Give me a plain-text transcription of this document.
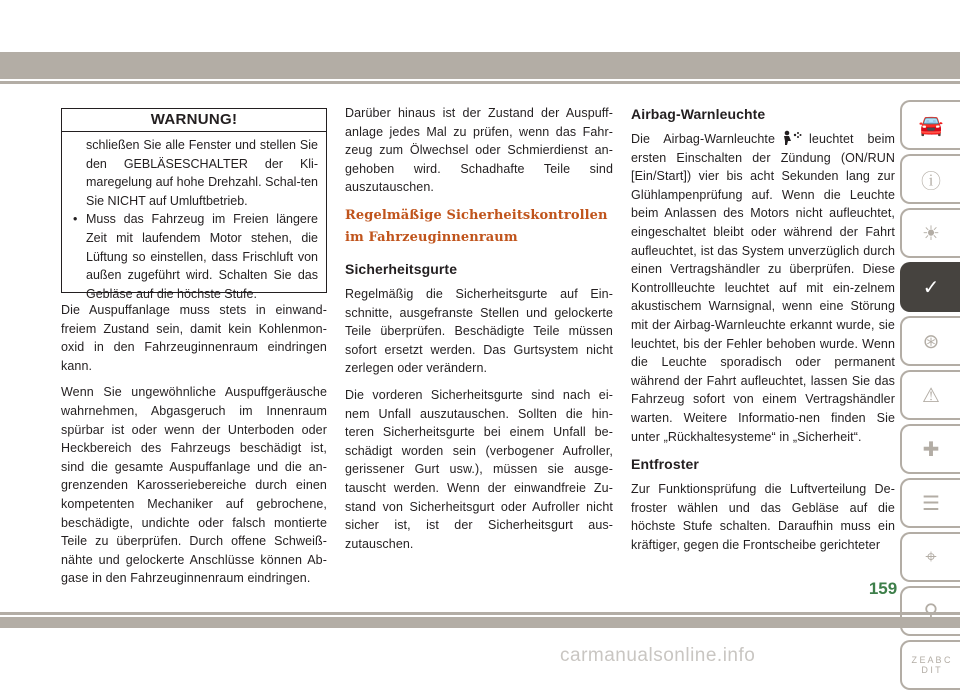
WARNUNG!
schließen Sie alle Fenster und stellen Sie den GEBLÄSESCHALTER der Kli-maregelung auf hohe Drehzahl. Schal-ten Sie NICHT auf Umluftbetrieb.
• Muss das Fahrzeug im Freien längere Zeit mit laufendem Motor stehen, die Lüftung so einstellen, dass Frischluft von außen zugeführt wird. Schalten Sie das Gebläse auf die höchste Stufe.

Die Auspuffanlage muss stets in einwand-freiem Zustand sein, damit kein Kohlenmon-oxid in den Fahrzeuginnenraum eindringen kann.

Wenn Sie ungewöhnliche Auspuffgeräusche wahrnehmen, Abgasgeruch im Innenraum spürbar ist oder wenn der Unterboden oder Heckbereich des Fahrzeugs beschädigt ist, sind die gesamte Auspuffanlage und die an-grenzenden Karosseriebereiche durch einen kompetenten Mechaniker auf gebrochene, beschädigte, undichte oder falsch montierte Teile zu überprüfen. Durch offene Schweiß-nähte und gelockerte Anschlüsse können Ab-gase in den Fahrzeuginnenraum eindringen.

Darüber hinaus ist der Zustand der Auspuff-anlage jedes Mal zu prüfen, wenn das Fahr-zeug zum Ölwechsel oder Schmierdienst an-gehoben wird. Schadhafte Teile sind auszutauschen.

Regelmäßige Sicherheitskontrollen im Fahrzeuginnenraum
Sicherheitsgurte

Regelmäßig die Sicherheitsgurte auf Ein-schnitte, ausgefranste Stellen und gelockerte Teile überprüfen. Beschädigte Teile müssen sofort ersetzt werden. Das Gurtsystem nicht zerlegen oder verändern.

Die vorderen Sicherheitsgurte sind nach ei-nem Unfall auszutauschen. Sollten die hin-teren Sicherheitsgurte bei einem Unfall be-schädigt worden sein (verbogener Aufroller, gerissener Gurt usw.), müssen sie ausge-tauscht werden. Wenn der einwandfreie Zu-stand von Sicherheitsgurt oder Aufroller nicht sicher ist, ist der Sicherheitsgurt aus-zutauschen.

Airbag-Warnleuchte

Die Airbag-Warnleuchte	leuchtet beim ersten Einschalten der Zündung (ON/RUN [Ein/Start]) vier bis acht Sekunden lang zur Glühlampenprüfung auf. Wenn die Leuchte beim Anlassen des Motors nicht aufleuchtet, eingeschaltet bleibt oder während der Fahrt aufleuchtet, ist das System unverzüglich durch einen Vertragshändler zu überprüfen. Diese Kontrollleuchte leuchtet auf mit ein-zelnem akustischem Warnsignal, wenn eine Störung mit der Airbag-Warnleuchte erkannt wurde, sie leuchtet, bis der Fehler behoben wurde. Wenn die Leuchte sporadisch oder permanent während der Fahrt aufleuchtet, lassen Sie das Fahrzeug sofort von einem Vertragshändler warten. Weitere Informatio-nen finden Sie unter „Rückhaltesysteme“ in „Sicherheit“.

Entfroster

Zur Funktionsprüfung die Luftverteilung De-froster wählen und das Gebläse auf die höchste Stufe schalten. Daraufhin muss ein kräftiger, gegen die Frontscheibe gerichteter

🚘
ⓘ
☀
✓
⊛
⚠
✚
☰
⌖
Z E A B C D I T
159
carmanualsonline.info
